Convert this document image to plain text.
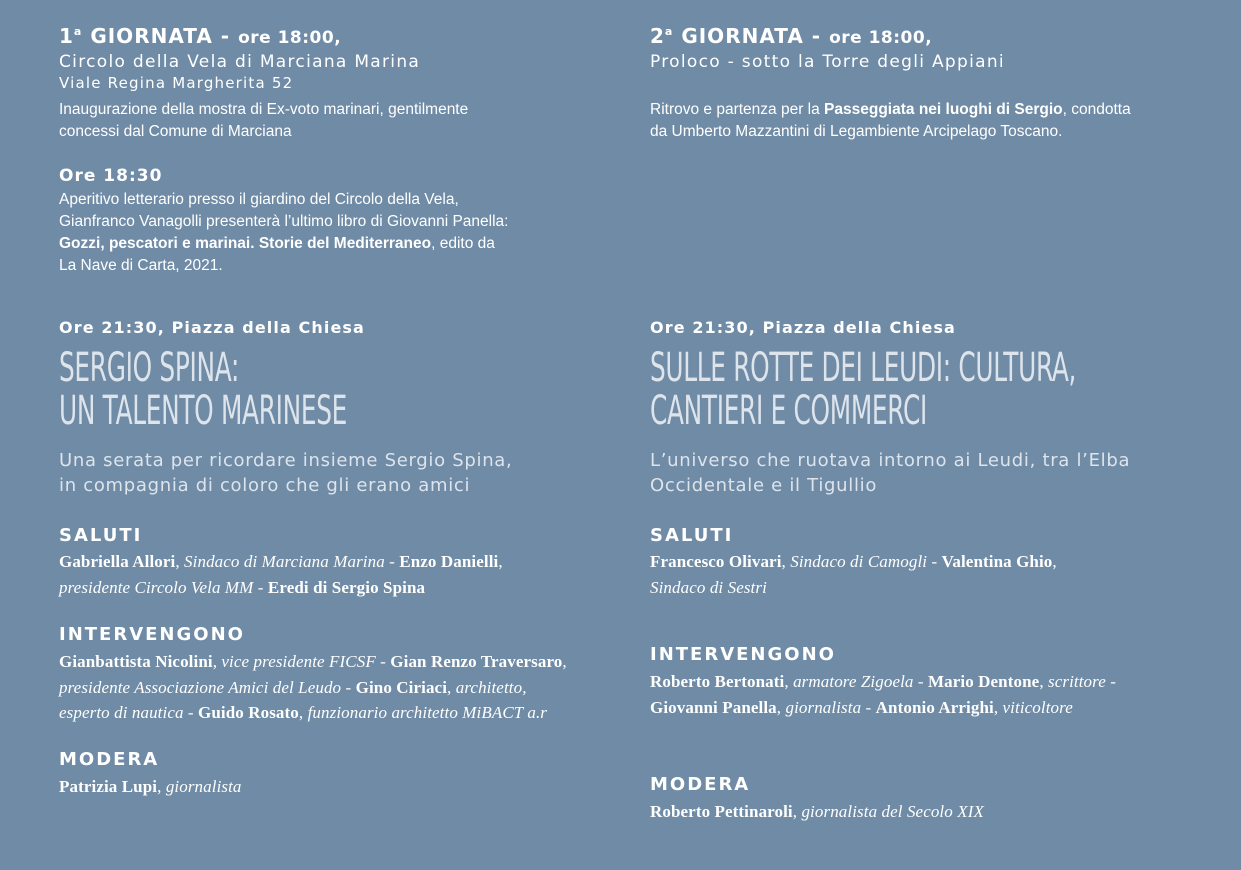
1$^a$ GIORNATA - ore 18:00,
Circolo della Vela di Marciana Marina
Viale Regina Margherita 52
Inaugurazione della mostra di Ex-voto marinari, gentilmente
concessi dal Comune di Marciana
Ore 18:30
Aperitivo letterario presso il giardino del Circolo della Vela,
Gianfranco Vanagolli presenterà l’ultimo libro di Giovanni Panella:
Gozzi, pescatori e marinai. Storie del Mediterraneo, edito da
La Nave di Carta, 2021.
Ore 21:30, Piazza della Chiesa
SERGIO SPINA:
UN TALENTO MARINESE
Una serata per ricordare insieme Sergio Spina,
in compagnia di coloro che gli erano amici
SALUTI
Gabriella Allori, Sindaco di Marciana Marina - Enzo Danielli,
presidente Circolo Vela MM - Eredi di Sergio Spina
INTERVENGONO
Gianbattista Nicolini, vice presidente FICSF - Gian Renzo Traversaro,
presidente Associazione Amici del Leudo - Gino Ciriaci, architetto,
esperto di nautica - Guido Rosato, funzionario architetto MiBACT a.r
MODERA
Patrizia Lupi, giornalista
2$^a$ GIORNATA - ore 18:00,
Proloco - sotto la Torre degli Appiani
Ritrovo e partenza per la Passeggiata nei luoghi di Sergio, condotta
da Umberto Mazzantini di Legambiente Arcipelago Toscano.
Ore 21:30, Piazza della Chiesa
SULLE ROTTE DEI LEUDI: CULTURA,
CANTIERI E COMMERCI
L’universo che ruotava intorno ai Leudi, tra l’Elba
Occidentale e il Tigullio
SALUTI
Francesco Olivari, Sindaco di Camogli - Valentina Ghio,
Sindaco di Sestri
INTERVENGONO
Roberto Bertonati, armatore Zigoela - Mario Dentone, scrittore -
Giovanni Panella, giornalista - Antonio Arrighi, viticoltore
MODERA
Roberto Pettinaroli, giornalista del Secolo XIX
